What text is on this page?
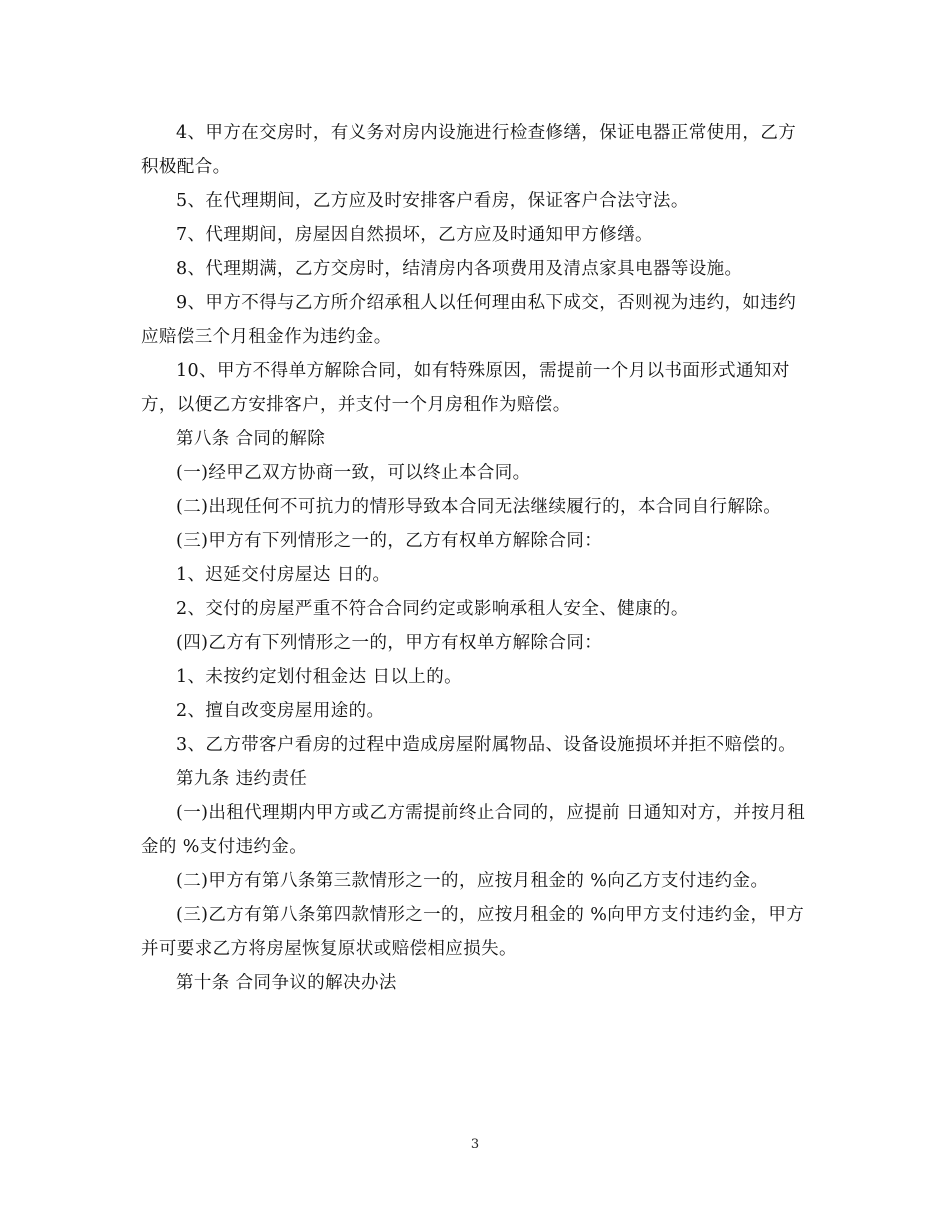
4、甲方在交房时，有义务对房内设施进行检查修缮，保证电器正常使用，乙方积极配合。

5、在代理期间，乙方应及时安排客户看房，保证客户合法守法。

7、代理期间，房屋因自然损坏，乙方应及时通知甲方修缮。

8、代理期满，乙方交房时，结清房内各项费用及清点家具电器等设施。

9、甲方不得与乙方所介绍承租人以任何理由私下成交，否则视为违约，如违约应赔偿三个月租金作为违约金。

10、甲方不得单方解除合同，如有特殊原因，需提前一个月以书面形式通知对方，以便乙方安排客户，并支付一个月房租作为赔偿。

第八条 合同的解除

(一)经甲乙双方协商一致，可以终止本合同。

(二)出现任何不可抗力的情形导致本合同无法继续履行的，本合同自行解除。

(三)甲方有下列情形之一的，乙方有权单方解除合同：

1、迟延交付房屋达 日的。

2、交付的房屋严重不符合合同约定或影响承租人安全、健康的。

(四)乙方有下列情形之一的，甲方有权单方解除合同：

1、未按约定划付租金达 日以上的。

2、擅自改变房屋用途的。

3、乙方带客户看房的过程中造成房屋附属物品、设备设施损坏并拒不赔偿的。

第九条 违约责任

(一)出租代理期内甲方或乙方需提前终止合同的，应提前 日通知对方，并按月租金的 %支付违约金。

(二)甲方有第八条第三款情形之一的，应按月租金的 %向乙方支付违约金。

(三)乙方有第八条第四款情形之一的，应按月租金的 %向甲方支付违约金，甲方并可要求乙方将房屋恢复原状或赔偿相应损失。

第十条 合同争议的解决办法

3
